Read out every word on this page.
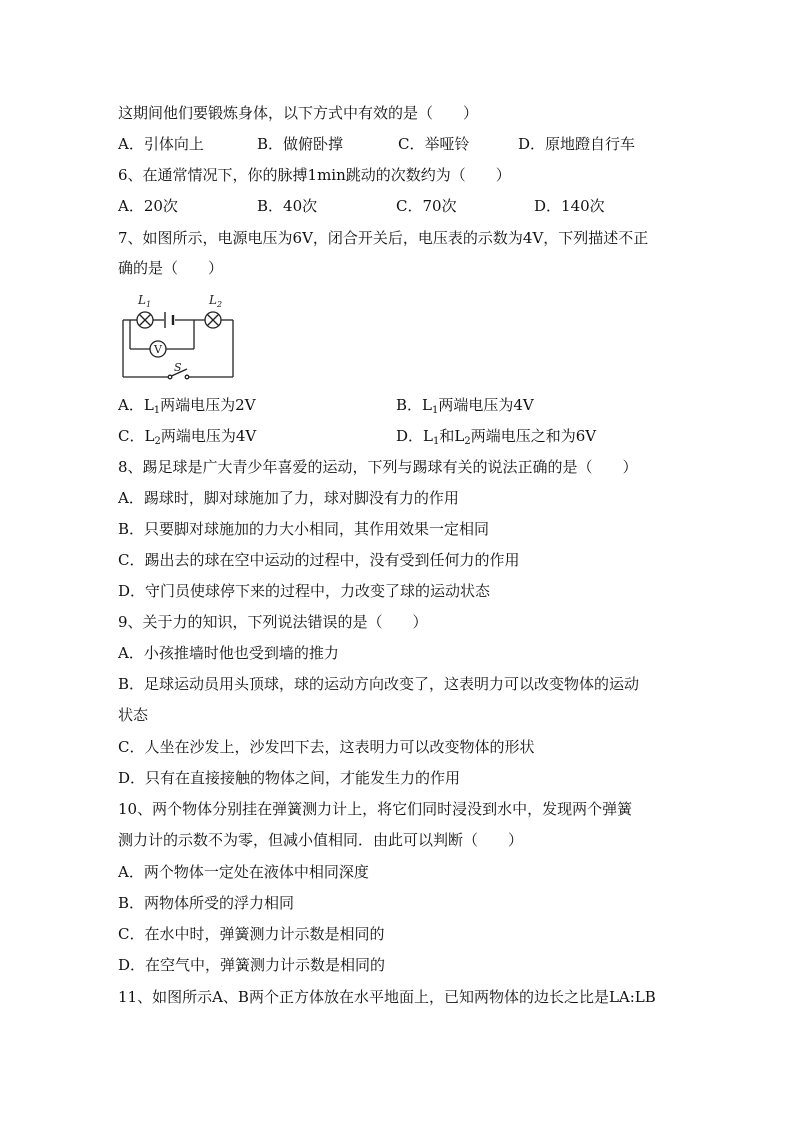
这期间他们要锻炼身体，以下方式中有效的是（　　）
A．引体向上	B．做俯卧撑	C．举哑铃	D．原地蹬自行车
6、在通常情况下，你的脉搏1min跳动的次数约为（　　）
A．20次	B．40次	C．70次	D．140次
7、如图所示，电源电压为6V，闭合开关后，电压表的示数为4V，下列描述不正
确的是（　　）
V
$L_1$	$L_2$
S
A．$L_1$两端电压为2V	B．$L_1$两端电压为4V
C．$L_2$两端电压为4V	D．$L_1$和$L_2$两端电压之和为6V
8、踢足球是广大青少年喜爱的运动，下列与踢球有关的说法正确的是（　　）
A．踢球时，脚对球施加了力，球对脚没有力的作用
B．只要脚对球施加的力大小相同，其作用效果一定相同
C．踢出去的球在空中运动的过程中，没有受到任何力的作用
D．守门员使球停下来的过程中，力改变了球的运动状态
9、关于力的知识，下列说法错误的是（　　）
A．小孩推墙时他也受到墙的推力
B．足球运动员用头顶球，球的运动方向改变了，这表明力可以改变物体的运动
状态
C．人坐在沙发上，沙发凹下去，这表明力可以改变物体的形状
D．只有在直接接触的物体之间，才能发生力的作用
10、两个物体分别挂在弹簧测力计上，将它们同时浸没到水中，发现两个弹簧
测力计的示数不为零，但减小值相同．由此可以判断（　　）
A．两个物体一定处在液体中相同深度
B．两物体所受的浮力相同
C．在水中时，弹簧测力计示数是相同的
D．在空气中，弹簧测力计示数是相同的
11、如图所示A、B两个正方体放在水平地面上，已知两物体的边长之比是LA:LB
